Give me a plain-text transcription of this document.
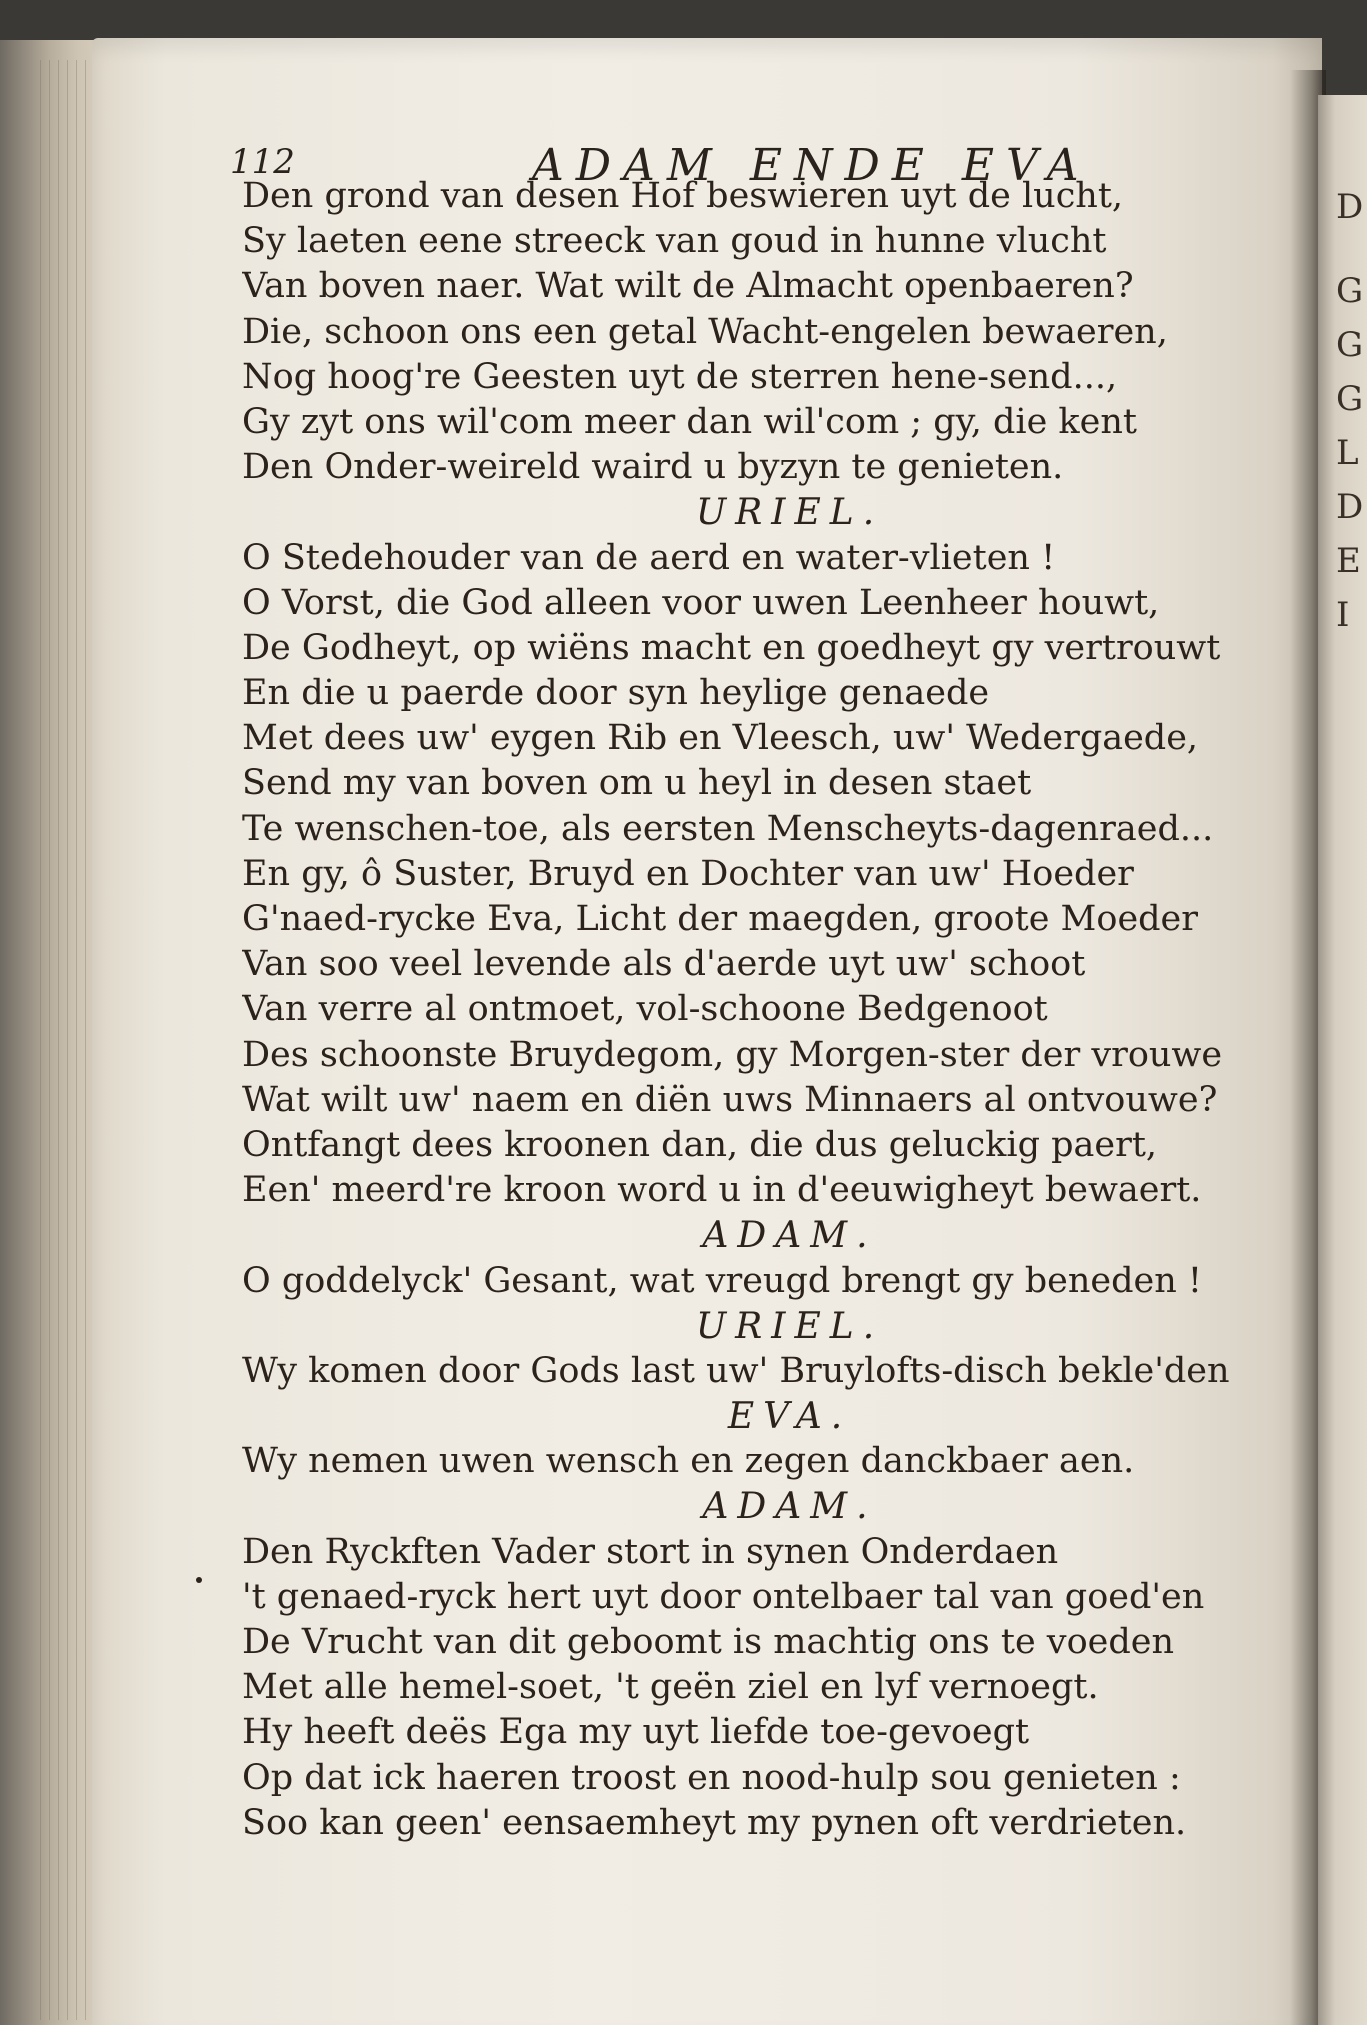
D
G
G
G
L
D
E
I
112	ADAM ENDE EVA
Den grond van desen Hof beswieren uyt de lucht,
Sy laeten eene streeck van goud in hunne vlucht
Van boven naer. Wat wilt de Almacht openbaeren?
Die, schoon ons een getal Wacht-engelen bewaeren,
Nog hoog're Geesten uyt de sterren hene-send...,
Gy zyt ons wil'com meer dan wil'com ; gy, die kent
Den Onder-weireld waird u byzyn te genieten.
URIEL.
O Stedehouder van de aerd en water-vlieten !
O Vorst, die God alleen voor uwen Leenheer houwt,
De Godheyt, op wiëns macht en goedheyt gy vertrouwt
En die u paerde door syn heylige genaede
Met dees uw' eygen Rib en Vleesch, uw' Wedergaede,
Send my van boven om u heyl in desen staet
Te wenschen-toe, als eersten Menscheyts-dagenraed...
En gy, ô Suster, Bruyd en Dochter van uw' Hoeder
G'naed-rycke Eva, Licht der maegden, groote Moeder
Van soo veel levende als d'aerde uyt uw' schoot
Van verre al ontmoet, vol-schoone Bedgenoot
Des schoonste Bruydegom, gy Morgen-ster der vrouwe
Wat wilt uw' naem en diën uws Minnaers al ontvouwe?
Ontfangt dees kroonen dan, die dus geluckig paert,
Een' meerd're kroon word u in d'eeuwigheyt bewaert.
ADAM.
O goddelyck' Gesant, wat vreugd brengt gy beneden !
URIEL.
Wy komen door Gods last uw' Bruylofts-disch bekle'den
EVA.
Wy nemen uwen wensch en zegen danckbaer aen.
ADAM.
Den Ryckften Vader stort in synen Onderdaen
't genaed-ryck hert uyt door ontelbaer tal van goed'en
De Vrucht van dit geboomt is machtig ons te voeden
Met alle hemel-soet, 't geën ziel en lyf vernoegt.
Hy heeft deës Ega my uyt liefde toe-gevoegt
Op dat ick haeren troost en nood-hulp sou genieten :
Soo kan geen' eensaemheyt my pynen oft verdrieten.
